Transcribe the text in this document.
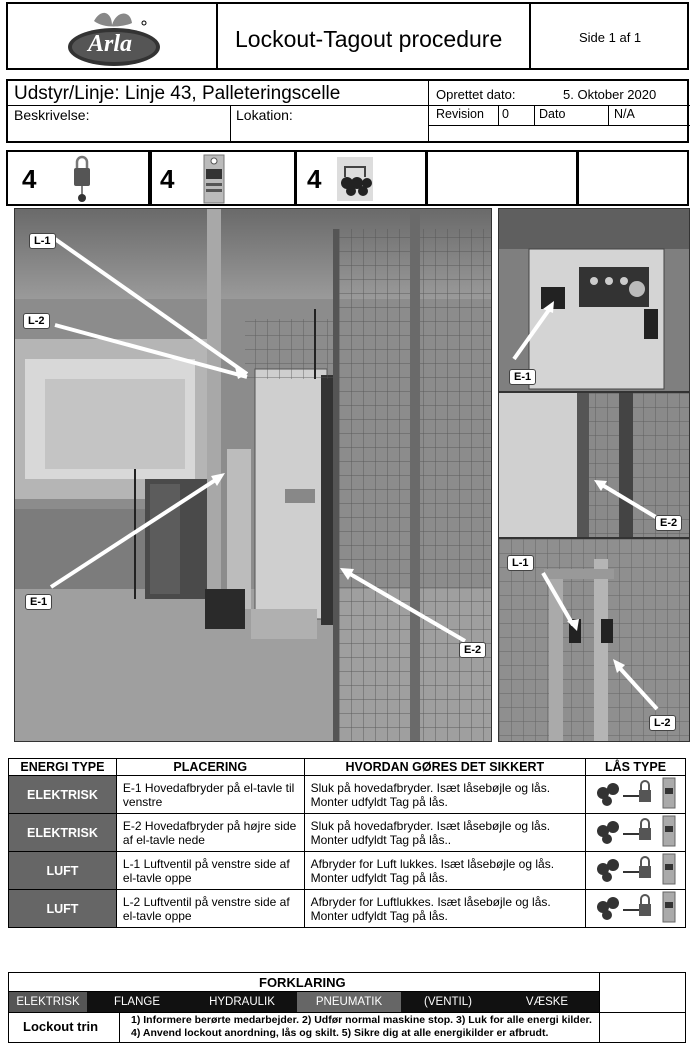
Arla	Lockout-Tagout procedure	Side 1 af 1
Udstyr/Linje: Linje 43, Palleteringscelle
Beskrivelse:	Lokation:
Oprettet dato:	5. Oktober 2020
Revision 0 Dato	N/A
4	4	4
L-1
L-2
E-1
E-2
E-1
E-2
L-1
L-2
ENERGI TYPE	PLACERING	HVORDAN GØRES DET SIKKERT	LÅS TYPE

ELEKTRISK	E-1 Hovedafbryder på el-tavle til venstre	Sluk på hovedafbryder. Isæt låsebøjle og lås. Monter udfyldt Tag på lås.	

ELEKTRISK	E-2 Hovedafbryder på højre side af el-tavle nede	Sluk på hovedafbryder. Isæt låsebøjle og lås. Monter udfyldt Tag på lås..	

LUFT	L-1 Luftventil på venstre side af el-tavle oppe	Afbryder for Luft lukkes. Isæt låsebøjle og lås. Monter udfyldt Tag på lås.	

LUFT	L-2 Luftventil på venstre side af el-tavle oppe	Afbryder for Luftlukkes. Isæt låsebøjle og lås. Monter udfyldt Tag på lås.	
FORKLARING
ELEKTRISK	FLANGE	HYDRAULIK	PNEUMATIK	(VENTIL)	VÆSKE
Lockout trin	1) Informere berørte medarbejder. 2) Udfør normal maskine stop. 3) Luk for alle energi kilder.
4) Anvend lockout anordning, lås og skilt. 5) Sikre dig at alle energikilder er afbrudt.
